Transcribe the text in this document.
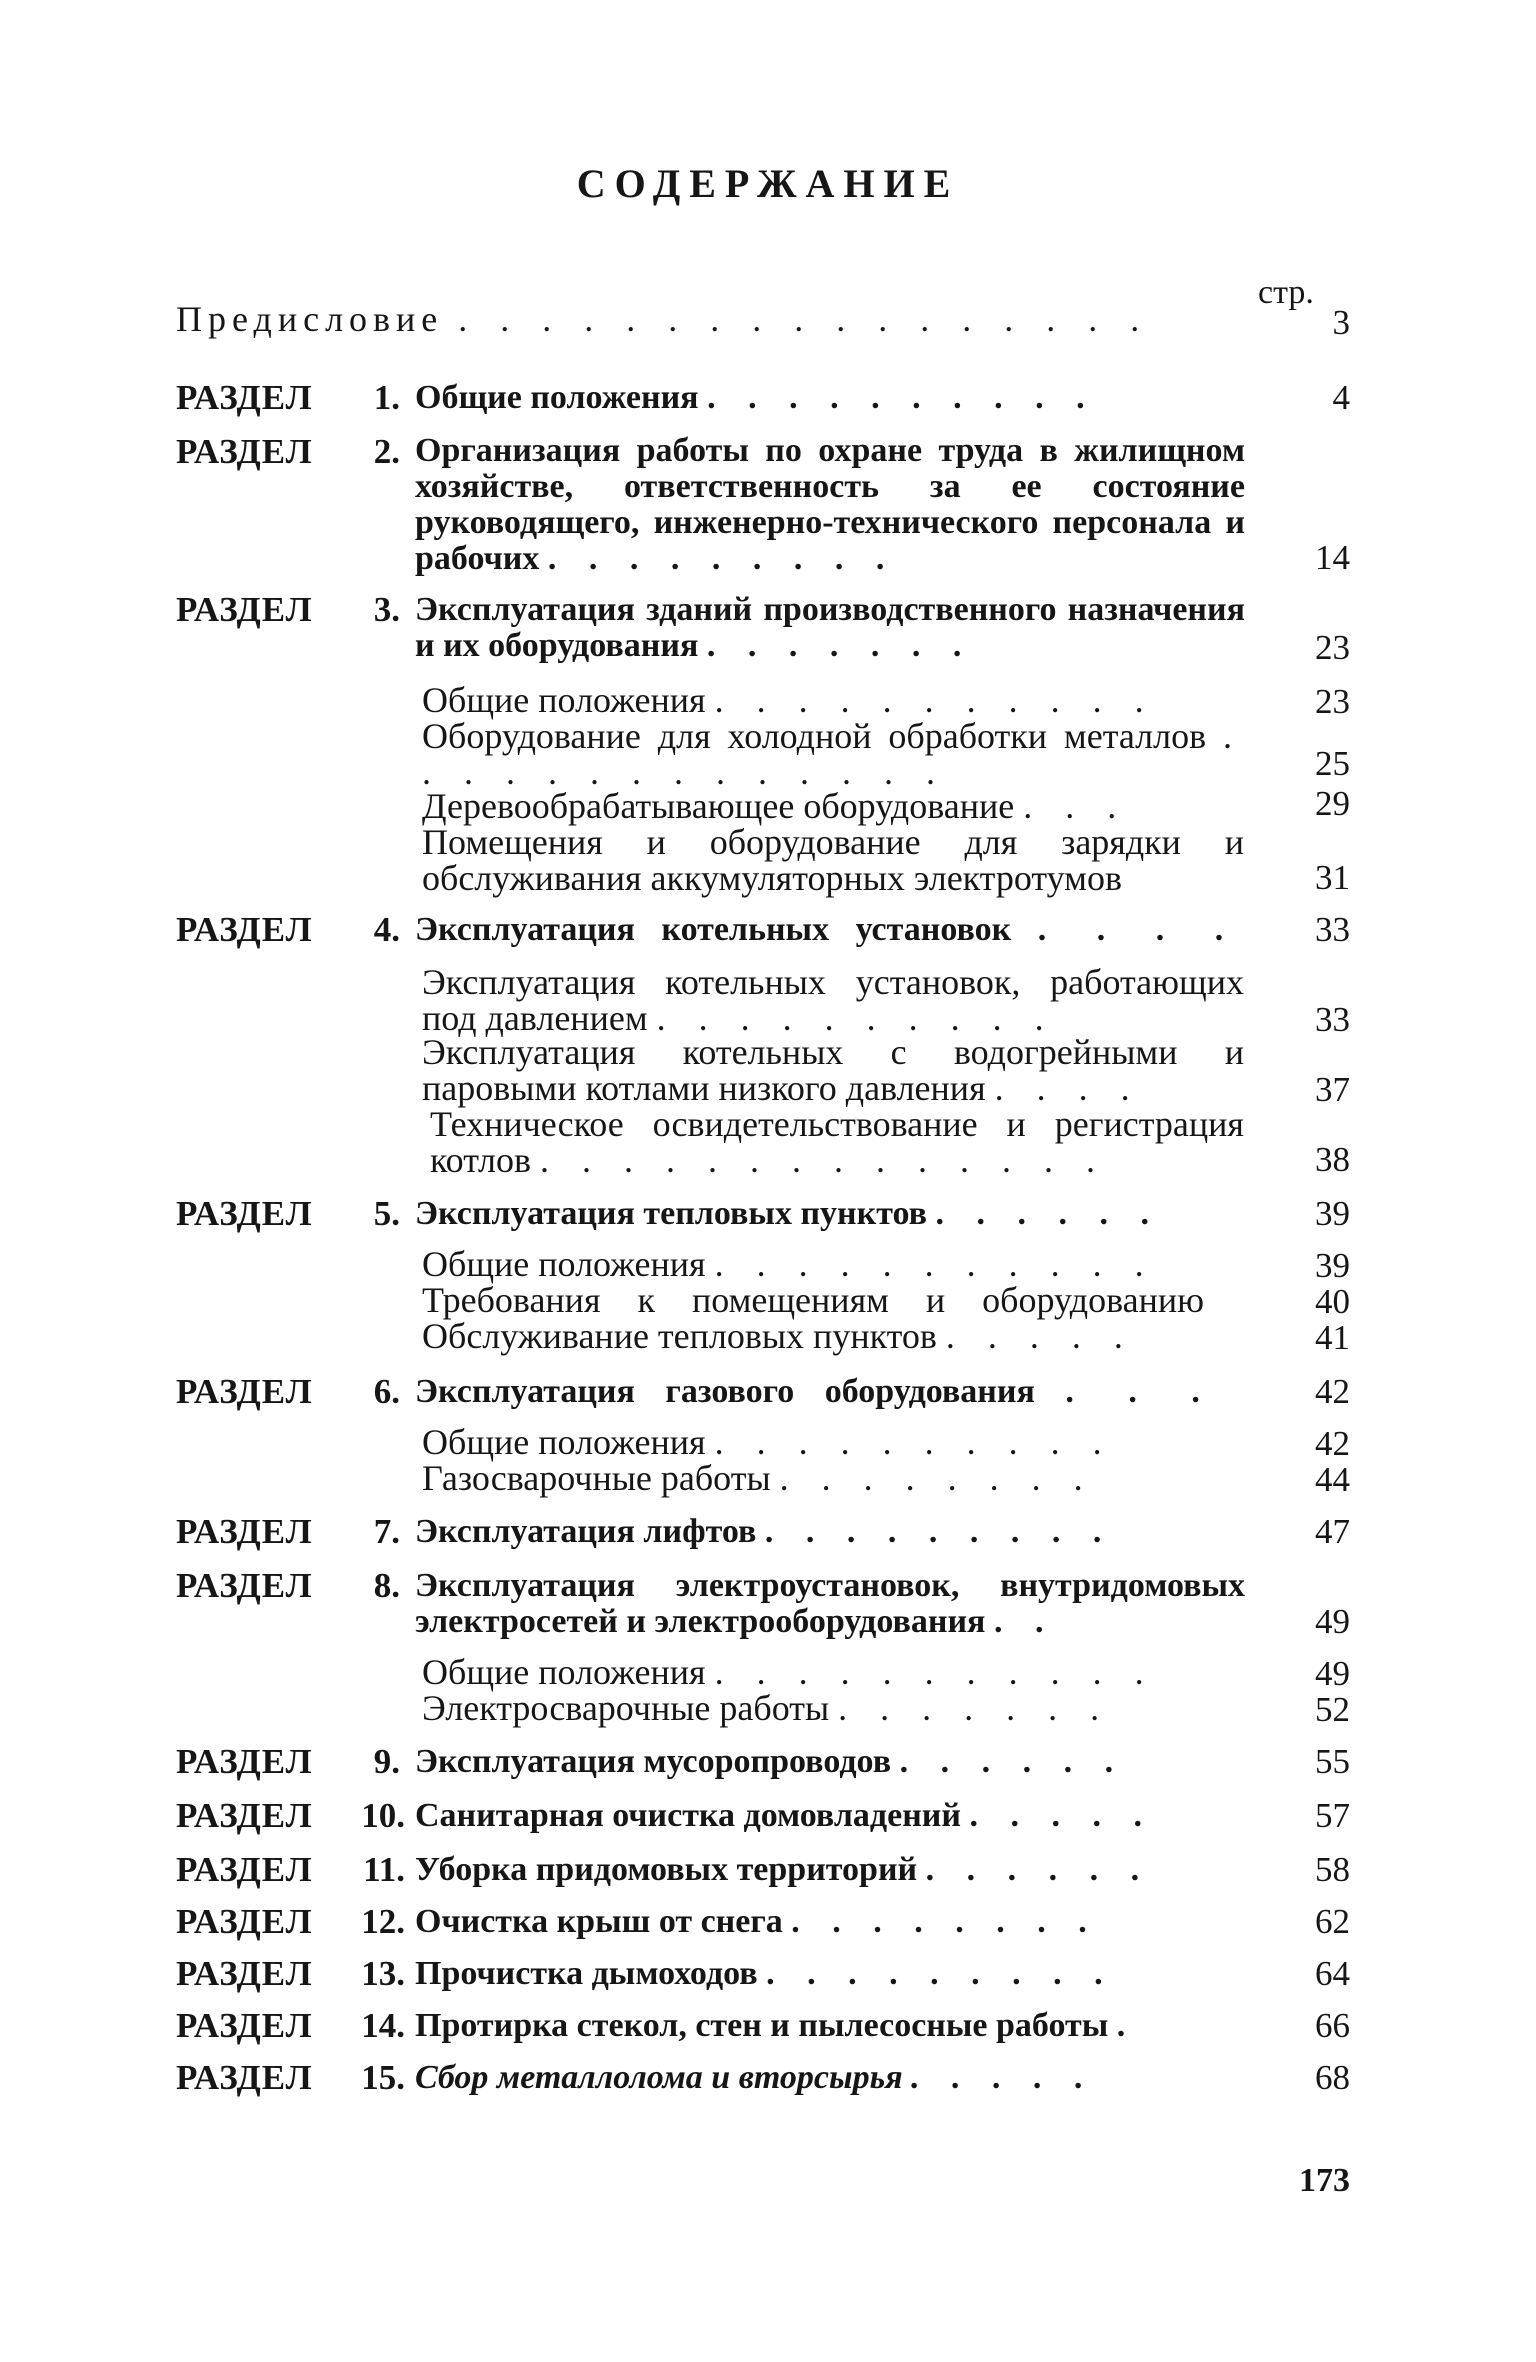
СОДЕРЖАНИЕ
стр.
Предисловие . . . . . . . . . . . . . . . . .	3
РАЗДЕЛ	1. Общие положения . . . . . . . . . .	4
РАЗДЕЛ	2. Организация работы по охране труда в жилищном хозяйстве, ответственность за ее состояние руководящего, инженерно-технического персонала и рабочих . . . . . . . . .	14
РАЗДЕЛ	3. Эксплуатация зданий производственного назначения и их оборудования . . . . . . .	23
Общие положения . . . . . . . . . . .	23
Оборудование для холодной обработки металлов . . . . . . . . . . . . . .	25
Деревообрабатывающее оборудование . . .	29
Помещения и оборудование для зарядки и обслуживания аккумуляторных электротумов	31
РАЗДЕЛ	4. Эксплуатация котельных установок . . . .	33
Эксплуатация котельных установок, работающих под давлением . . . . . . . . . .	33
Эксплуатация котельных с водогрейными и паровыми котлами низкого давления . . . .	37
Техническое освидетельствование и регистрация котлов . . . . . . . . . . . . . .	38
РАЗДЕЛ	5. Эксплуатация тепловых пунктов . . . . . .	39
Общие положения . . . . . . . . . . .	39
Требования к помещениям и оборудованию	40
Обслуживание тепловых пунктов . . . . .	41
РАЗДЕЛ	6. Эксплуатация газового оборудования . . .	42
Общие положения . . . . . . . . . .	42
Газосварочные работы . . . . . . . .	44
РАЗДЕЛ	7. Эксплуатация лифтов . . . . . . . . .	47
РАЗДЕЛ	8. Эксплуатация электроустановок, внутридомовых электросетей и электрооборудования . .	49
Общие положения . . . . . . . . . . .	49
Электросварочные работы . . . . . . .	52
РАЗДЕЛ	9. Эксплуатация мусоропроводов . . . . . .	55
РАЗДЕЛ	10. Санитарная очистка домовладений . . . . .	57
РАЗДЕЛ	11. Уборка придомовых территорий . . . . . .	58
РАЗДЕЛ	12. Очистка крыш от снега . . . . . . . .	62
РАЗДЕЛ	13. Прочистка дымоходов . . . . . . . . .	64
РАЗДЕЛ	14. Протирка стекол, стен и пылесосные работы .	66
РАЗДЕЛ	15. Сбор металлолома и вторсырья . . . . .	68
173
